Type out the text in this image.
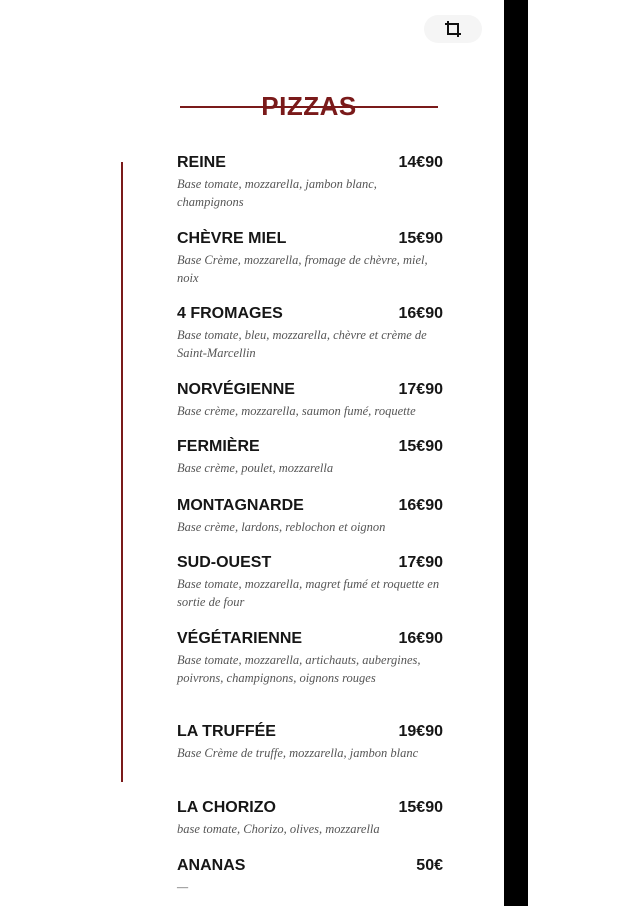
PIZZAS
REINE	14€90
Base tomate, mozzarella, jambon blanc, champignons
CHÈVRE MIEL	15€90
Base Crème, mozzarella, fromage de chèvre, miel, noix
4 FROMAGES	16€90
Base tomate, bleu, mozzarella, chèvre et crème de Saint-Marcellin
NORVÉGIENNE	17€90
Base crème, mozzarella, saumon fumé, roquette
FERMIÈRE	15€90
Base crème, poulet, mozzarella
MONTAGNARDE	16€90
Base crème, lardons, reblochon et oignon
SUD-OUEST	17€90
Base tomate, mozzarella, magret fumé et roquette en sortie de four
VÉGÉTARIENNE	16€90
Base tomate, mozzarella, artichauts, aubergines, poivrons, champignons, oignons rouges
LA TRUFFÉE	19€90
Base Crème de truffe, mozzarella, jambon blanc
LA CHORIZO	15€90
base tomate, Chorizo, olives, mozzarella
ANANAS	50€
—
